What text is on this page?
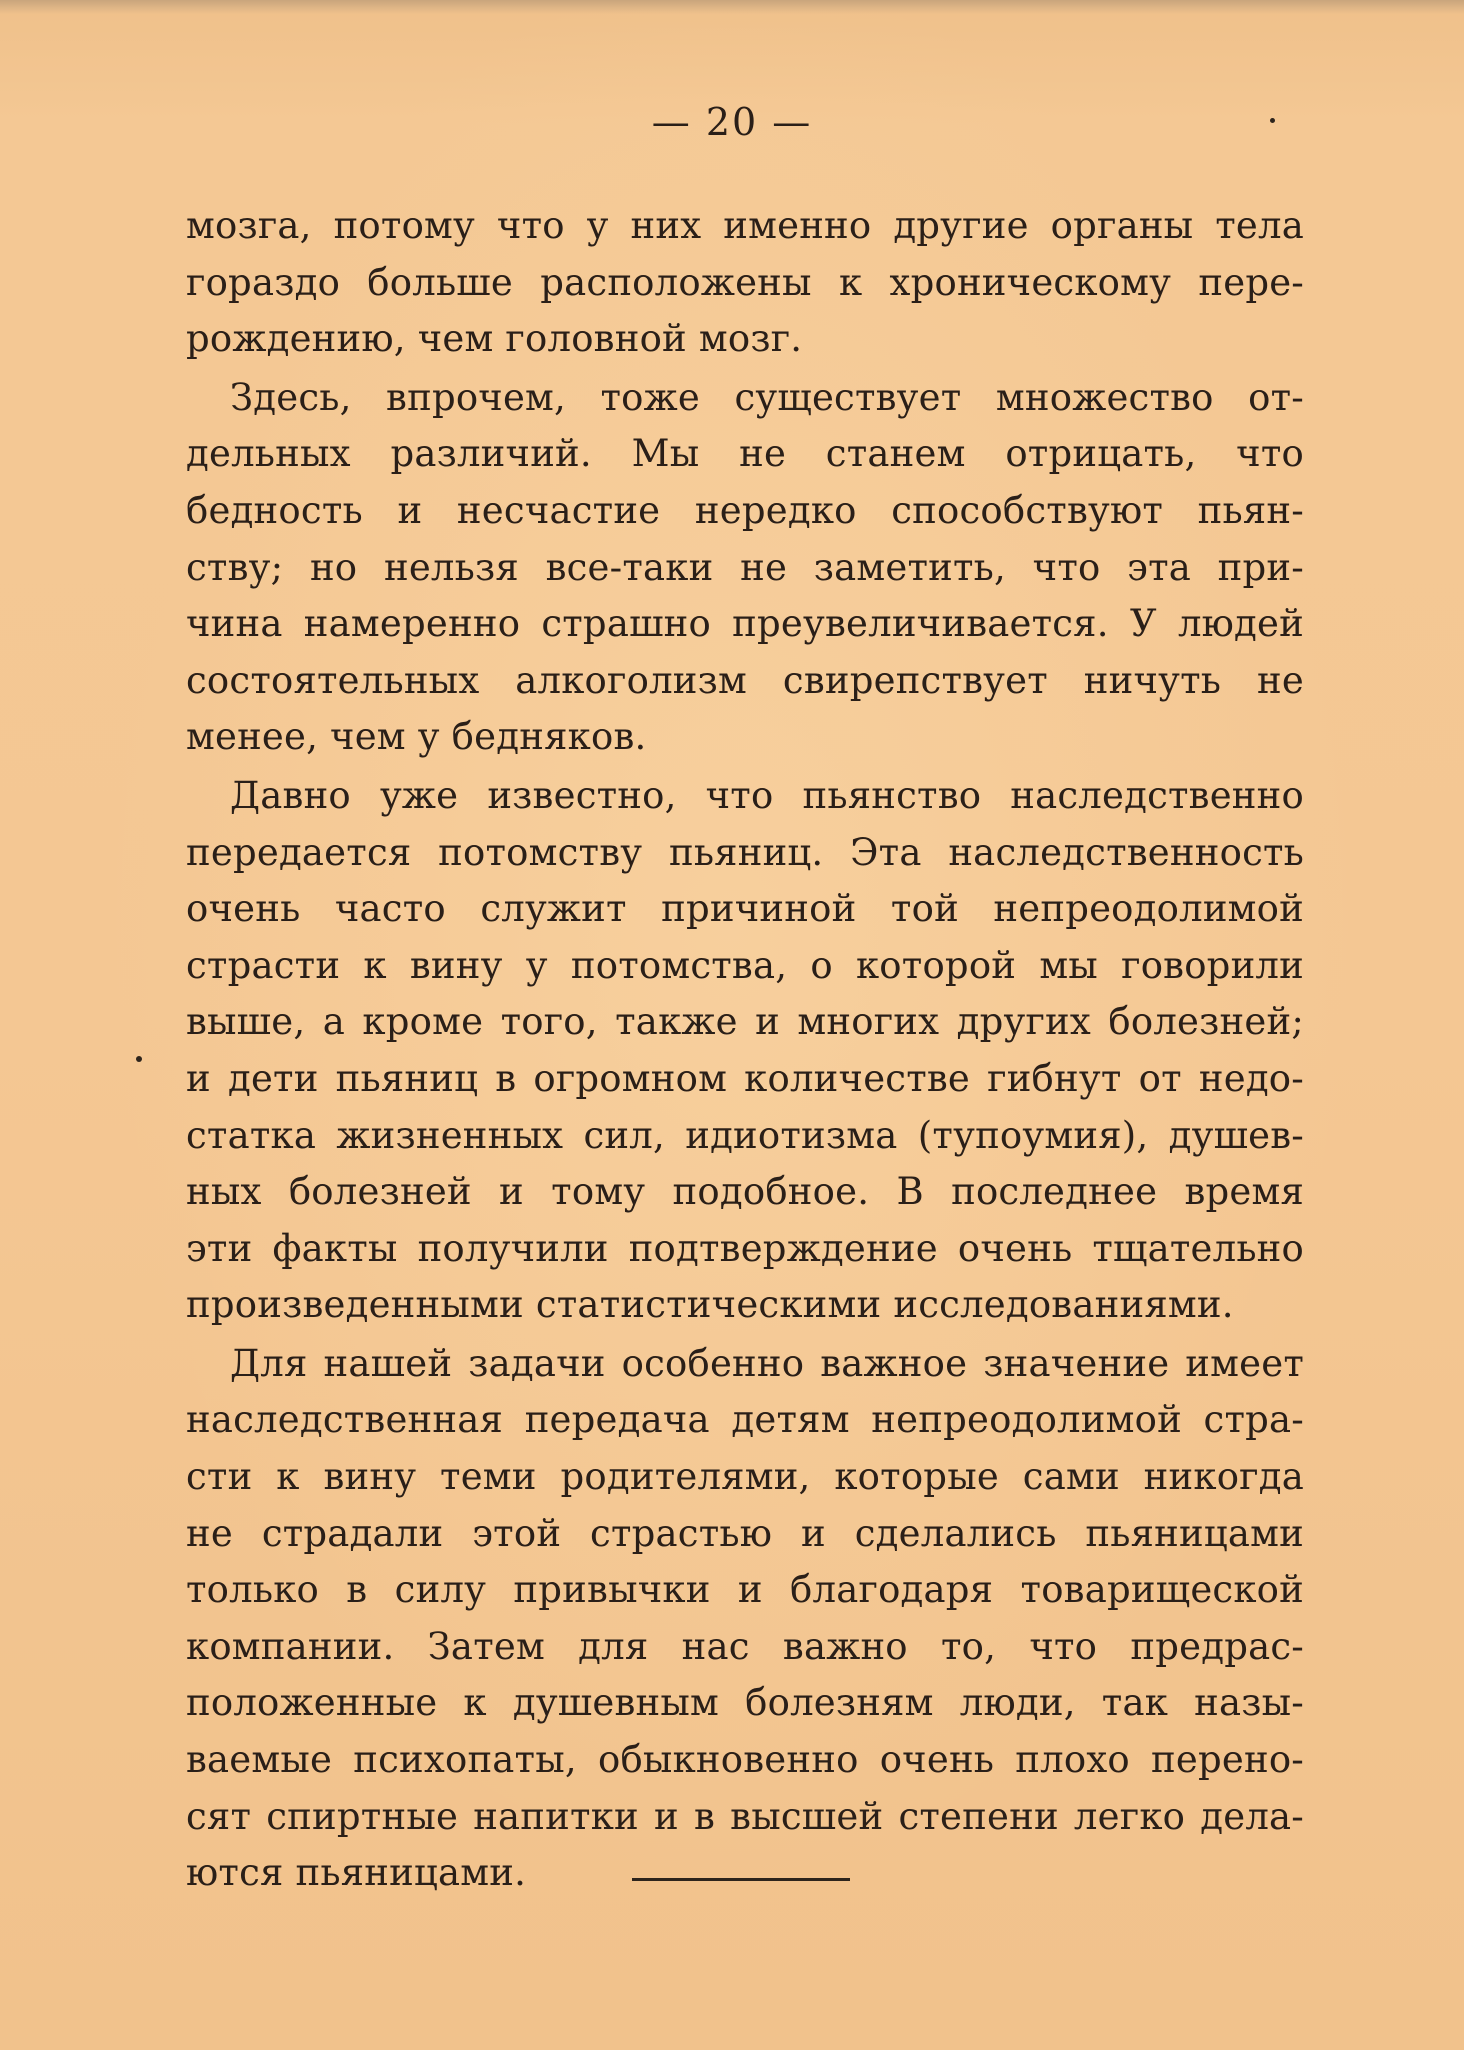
— 20 —
мозга, потому что у них именно другие органы тела
гораздо больше расположены к хроническому пере-
рождению, чем головной мозг.
Здесь, впрочем, тоже существует множество от-
дельных различий. Мы не станем отрицать, что
бедность и несчастие нередко способствуют пьян-
ству; но нельзя все-таки не заметить, что эта при-
чина намеренно страшно преувеличивается. У людей
состоятельных алкоголизм свирепствует ничуть не
менее, чем у бедняков.
Давно уже известно, что пьянство наследственно
передается потомству пьяниц. Эта наследственность
очень часто служит причиной той непреодолимой
страсти к вину у потомства, о которой мы говорили
выше, а кроме того, также и многих других болезней;
и дети пьяниц в огромном количестве гибнут от недо-
статка жизненных сил, идиотизма (тупоумия), душев-
ных болезней и тому подобное. В последнее время
эти факты получили подтверждение очень тщательно
произведенными статистическими исследованиями.
Для нашей задачи особенно важное значение имеет
наследственная передача детям непреодолимой стра-
сти к вину теми родителями, которые сами никогда
не страдали этой страстью и сделались пьяницами
только в силу привычки и благодаря товарищеской
компании. Затем для нас важно то, что предрас-
положенные к душевным болезням люди, так назы-
ваемые психопаты, обыкновенно очень плохо перено-
сят спиртные напитки и в высшей степени легко дела-
ются пьяницами.
